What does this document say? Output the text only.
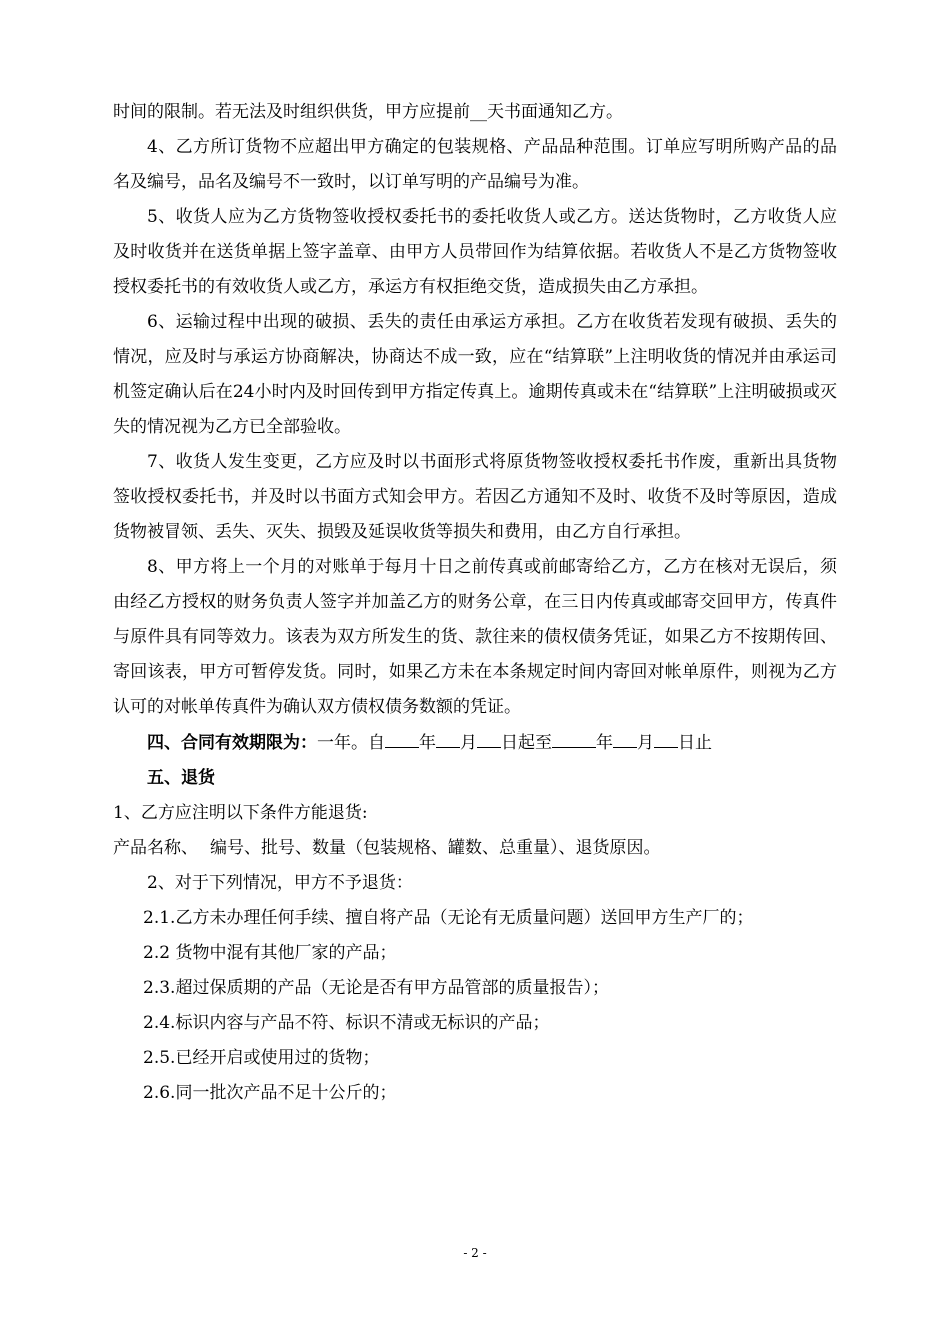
时间的限制。若无法及时组织供货，甲方应提前__天书面通知乙方。

4、乙方所订货物不应超出甲方确定的包装规格、产品品种范围。订单应写明所购产品的品名及编号，品名及编号不一致时，以订单写明的产品编号为准。

5、收货人应为乙方货物签收授权委托书的委托收货人或乙方。送达货物时，乙方收货人应及时收货并在送货单据上签字盖章、由甲方人员带回作为结算依据。若收货人不是乙方货物签收授权委托书的有效收货人或乙方，承运方有权拒绝交货，造成损失由乙方承担。

6、运输过程中出现的破损、丢失的责任由承运方承担。乙方在收货若发现有破损、丢失的情况，应及时与承运方协商解决，协商达不成一致，应在“结算联”上注明收货的情况并由承运司机签定确认后在24小时内及时回传到甲方指定传真上。逾期传真或未在“结算联”上注明破损或灭失的情况视为乙方已全部验收。

7、收货人发生变更，乙方应及时以书面形式将原货物签收授权委托书作废，重新出具货物签收授权委托书，并及时以书面方式知会甲方。若因乙方通知不及时、收货不及时等原因，造成货物被冒领、丢失、灭失、损毁及延误收货等损失和费用，由乙方自行承担。

8、甲方将上一个月的对账单于每月十日之前传真或前邮寄给乙方，乙方在核对无误后，须由经乙方授权的财务负责人签字并加盖乙方的财务公章，在三日内传真或邮寄交回甲方，传真件与原件具有同等效力。该表为双方所发生的货、款往来的债权债务凭证，如果乙方不按期传回、寄回该表，甲方可暂停发货。同时，如果乙方未在本条规定时间内寄回对帐单原件，则视为乙方认可的对帐单传真件为确认双方债权债务数额的凭证。

四、合同有效期限为：一年。自 年 月 日起至	年 月 日止

五、退货

1、乙方应注明以下条件方能退货:

产品名称、 编号、批号、数量（包装规格、罐数、总重量）、退货原因。

2、对于下列情况，甲方不予退货：

2.1.乙方未办理任何手续、擅自将产品（无论有无质量问题）送回甲方生产厂的；

2.2 货物中混有其他厂家的产品；

2.3.超过保质期的产品（无论是否有甲方品管部的质量报告）；

2.4.标识内容与产品不符、标识不清或无标识的产品；

2.5.已经开启或使用过的货物；

2.6.同一批次产品不足十公斤的；

- 2 -
